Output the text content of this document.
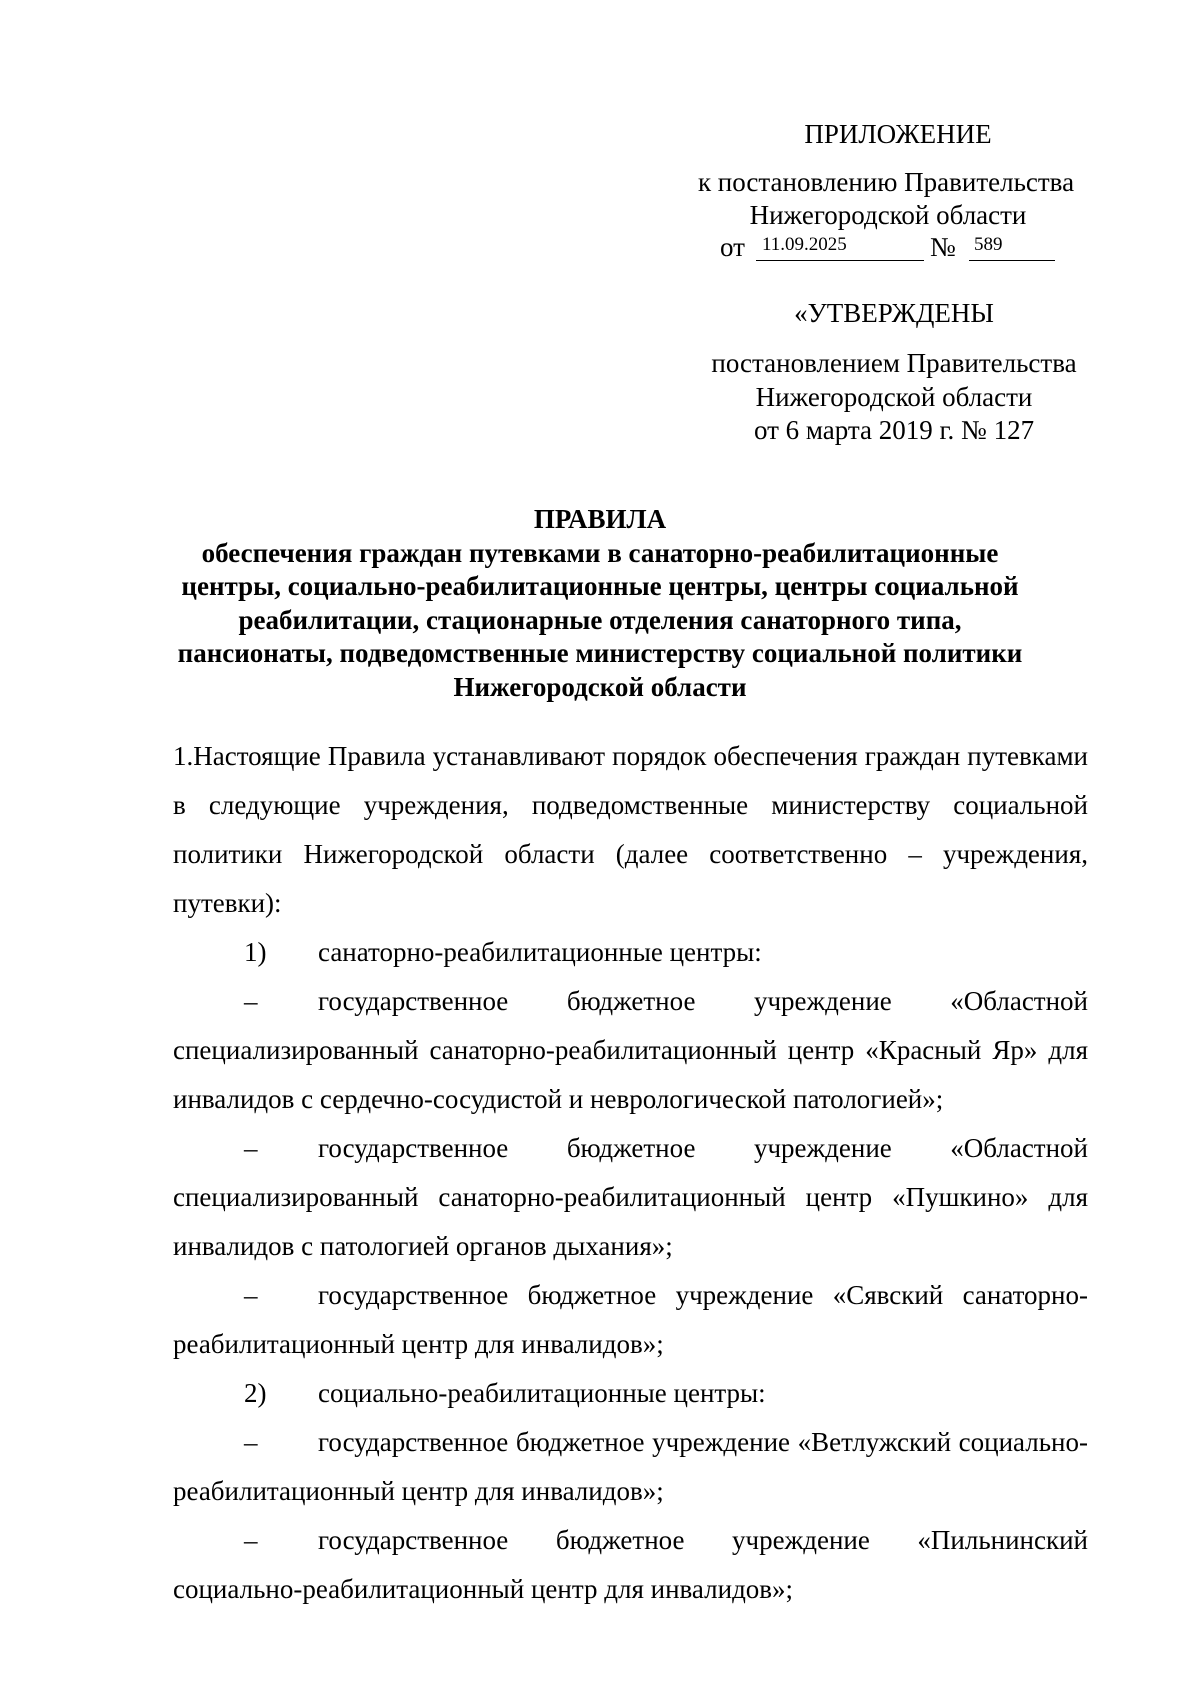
ПРИЛОЖЕНИЕ
к постановлению Правительства
Нижегородской области
от 11.09.2025	№ 589
«УТВЕРЖДЕНЫ
постановлением Правительства
Нижегородской области
от 6 марта 2019 г. № 127
ПРАВИЛА
обеспечения граждан путевками в санаторно-реабилитационные
центры, социально-реабилитационные центры, центры социальной
реабилитации, стационарные отделения санаторного типа,
пансионаты, подведомственные министерству социальной политики
Нижегородской области

1.Настоящие Правила устанавливают порядок обеспечения граждан путевками в следующие учреждения, подведомственные министерству социальной политики Нижегородской области (далее соответственно – учреждения, путевки):

1) санаторно-реабилитационные центры:

– государственное бюджетное учреждение «Областной специализированный санаторно-реабилитационный центр «Красный Яр» для инвалидов с сердечно-сосудистой и неврологической патологией»;

– государственное бюджетное учреждение «Областной специализированный санаторно-реабилитационный центр «Пушкино» для инвалидов с патологией органов дыхания»;

– государственное бюджетное учреждение «Сявский санаторно-реабилитационный центр для инвалидов»;

2) социально-реабилитационные центры:

– государственное бюджетное учреждение «Ветлужский социально-реабилитационный центр для инвалидов»;

– государственное бюджетное учреждение «Пильнинский социально-реабилитационный центр для инвалидов»;
